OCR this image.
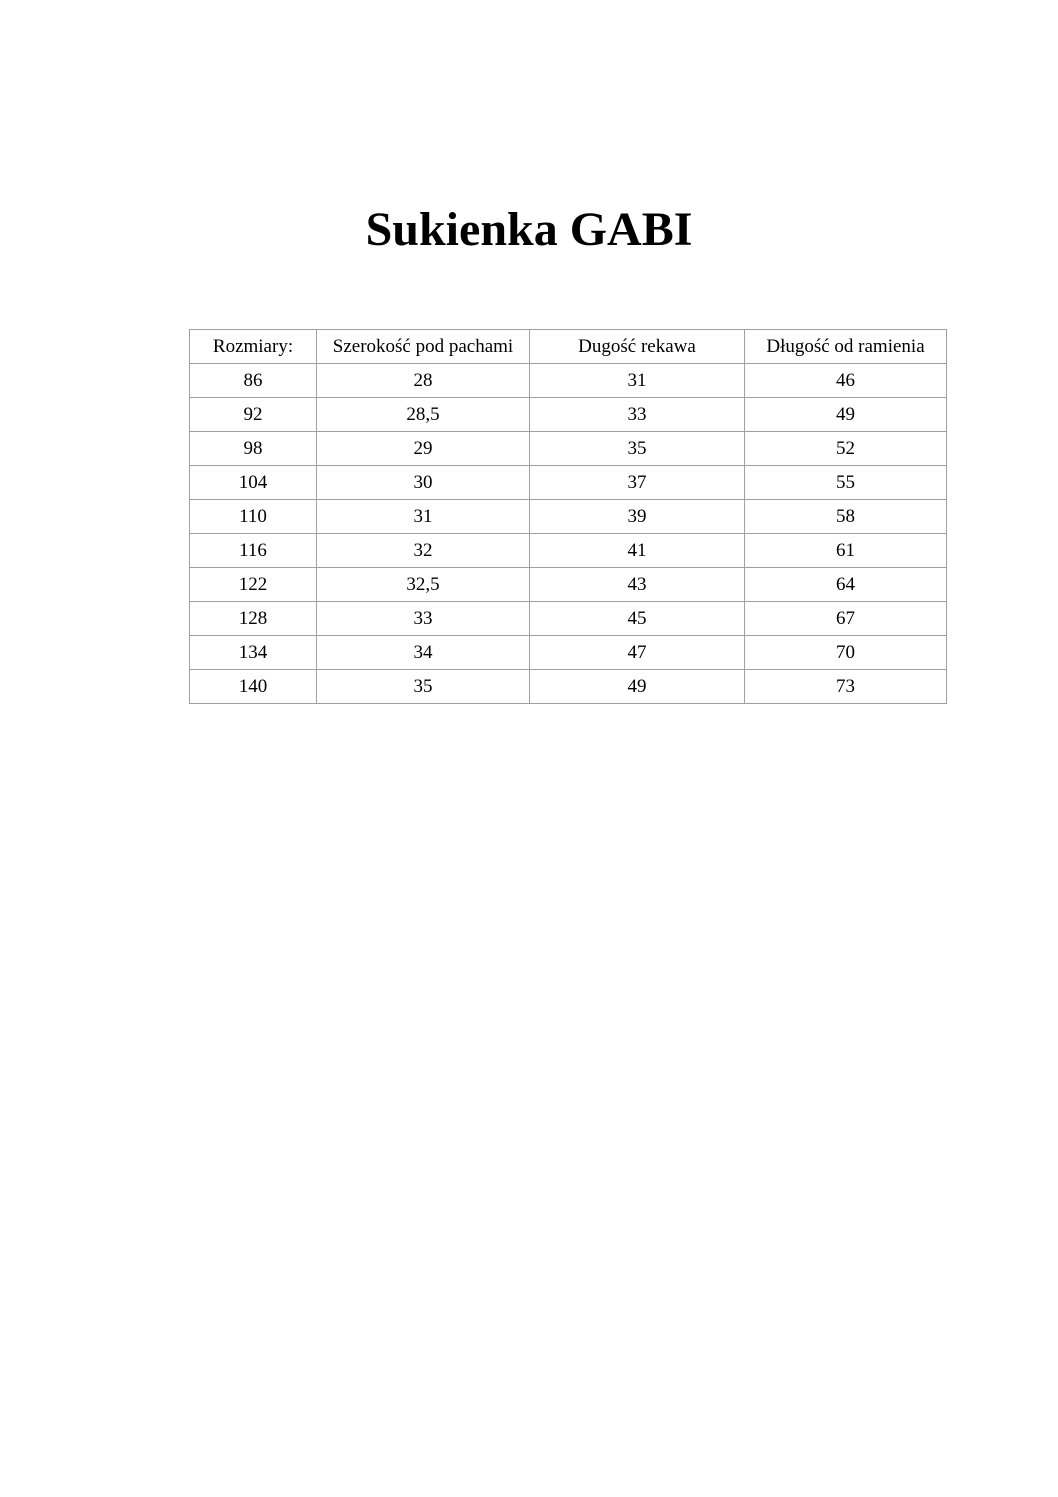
Sukienka GABI
Rozmiary:	Szerokość pod pachami	Dugość rekawa	Długość od ramienia
86	28	31	46
92	28,5	33	49
98	29	35	52
104	30	37	55
110	31	39	58
116	32	41	61
122	32,5	43	64
128	33	45	67
134	34	47	70
140	35	49	73
